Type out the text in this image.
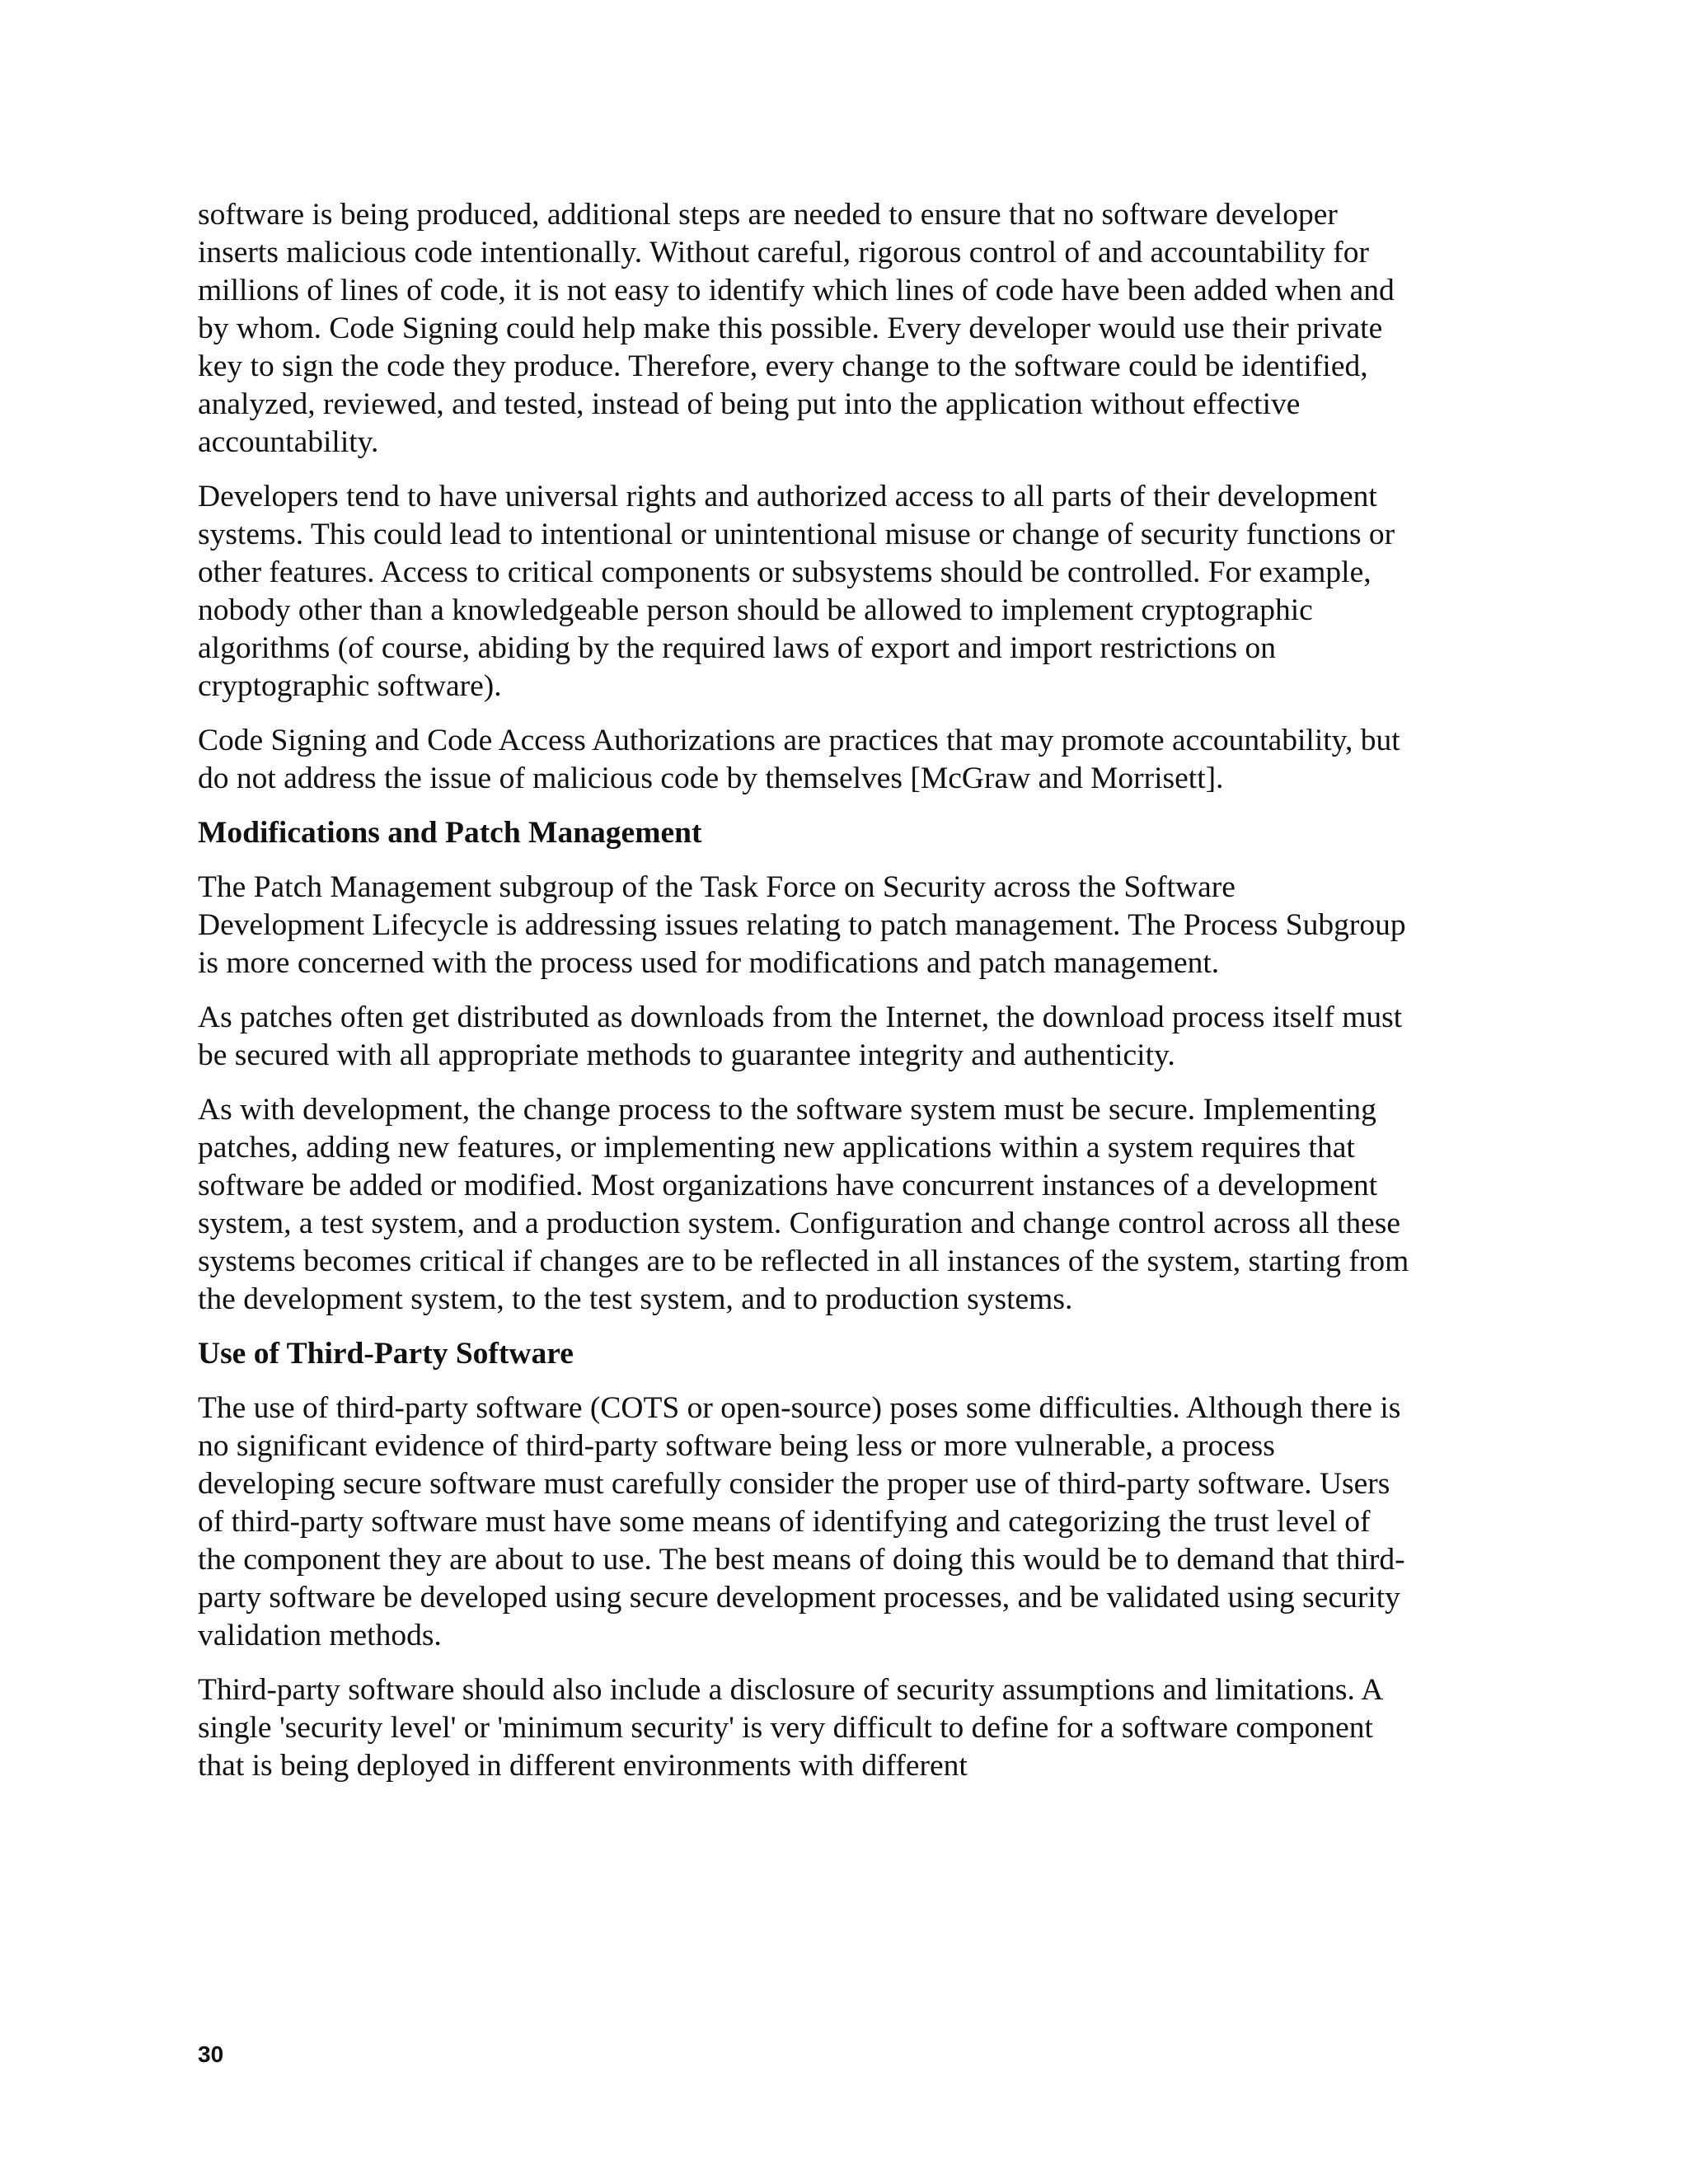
software is being produced, additional steps are needed to ensure that no software developer inserts malicious code intentionally. Without careful, rigorous control of and accountability for millions of lines of code, it is not easy to identify which lines of code have been added when and by whom. Code Signing could help make this possible. Every developer would use their private key to sign the code they produce. Therefore, every change to the software could be identified, analyzed, reviewed, and tested, instead of being put into the application without effective accountability.

Developers tend to have universal rights and authorized access to all parts of their development systems. This could lead to intentional or unintentional misuse or change of security functions or other features. Access to critical components or subsystems should be controlled. For example, nobody other than a knowledgeable person should be allowed to implement cryptographic algorithms (of course, abiding by the required laws of export and import restrictions on cryptographic software).

Code Signing and Code Access Authorizations are practices that may promote accountability, but do not address the issue of malicious code by themselves [McGraw and Morrisett].

Modifications and Patch Management

The Patch Management subgroup of the Task Force on Security across the Software Development Lifecycle is addressing issues relating to patch management. The Process Subgroup is more concerned with the process used for modifications and patch management.

As patches often get distributed as downloads from the Internet, the download process itself must be secured with all appropriate methods to guarantee integrity and authenticity.

As with development, the change process to the software system must be secure. Implementing patches, adding new features, or implementing new applications within a system requires that software be added or modified. Most organizations have concurrent instances of a development system, a test system, and a production system. Configuration and change control across all these systems becomes critical if changes are to be reflected in all instances of the system, starting from the development system, to the test system, and to production systems.

Use of Third-Party Software

The use of third-party software (COTS or open-source) poses some difficulties. Although there is no significant evidence of third-party software being less or more vulnerable, a process developing secure software must carefully consider the proper use of third-party software. Users of third-party software must have some means of identifying and categorizing the trust level of the component they are about to use. The best means of doing this would be to demand that third-party software be developed using secure development processes, and be validated using security validation methods.

Third-party software should also include a disclosure of security assumptions and limitations. A single 'security level' or 'minimum security' is very difficult to define for a software component that is being deployed in different environments with different

30
